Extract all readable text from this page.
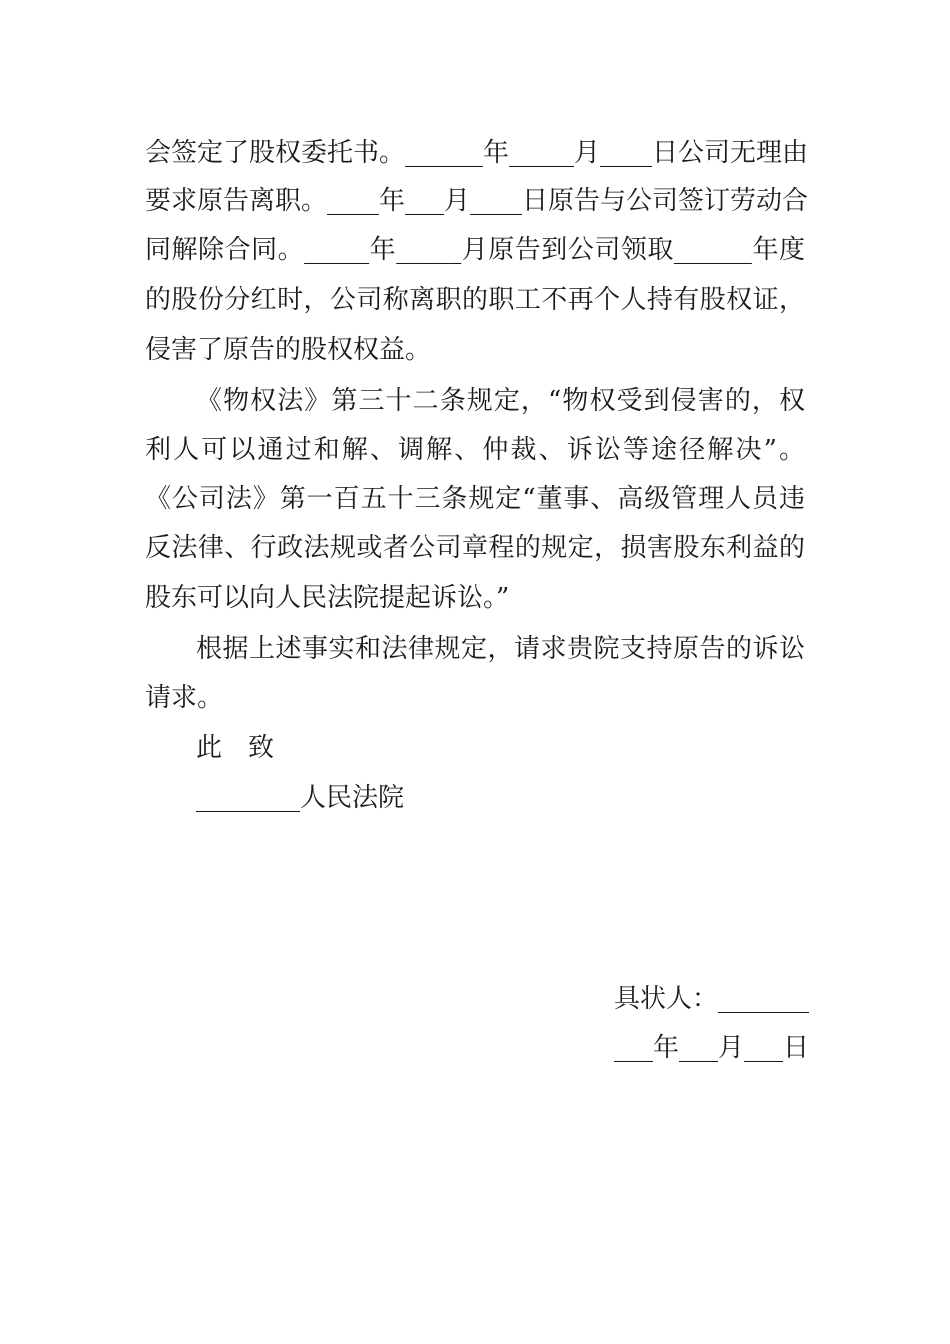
会签定了股权委托书。______年_____月____日公司无理由
要求原告离职。____年___月____日原告与公司签订劳动合
同解除合同。_____年_____月原告到公司领取______年度
的股份分红时，公司称离职的职工不再个人持有股权证，
侵害了原告的股权权益。
《物权法》第三十二条规定，“物权受到侵害的，权
利人可以通过和解、调解、仲裁、诉讼等途径解决”。
《公司法》第一百五十三条规定“董事、高级管理人员违
反法律、行政法规或者公司章程的规定，损害股东利益的
股东可以向人民法院提起诉讼。”
根据上述事实和法律规定，请求贵院支持原告的诉讼
请求。
此　致
________人民法院
具状人：_______
___年___月___日
